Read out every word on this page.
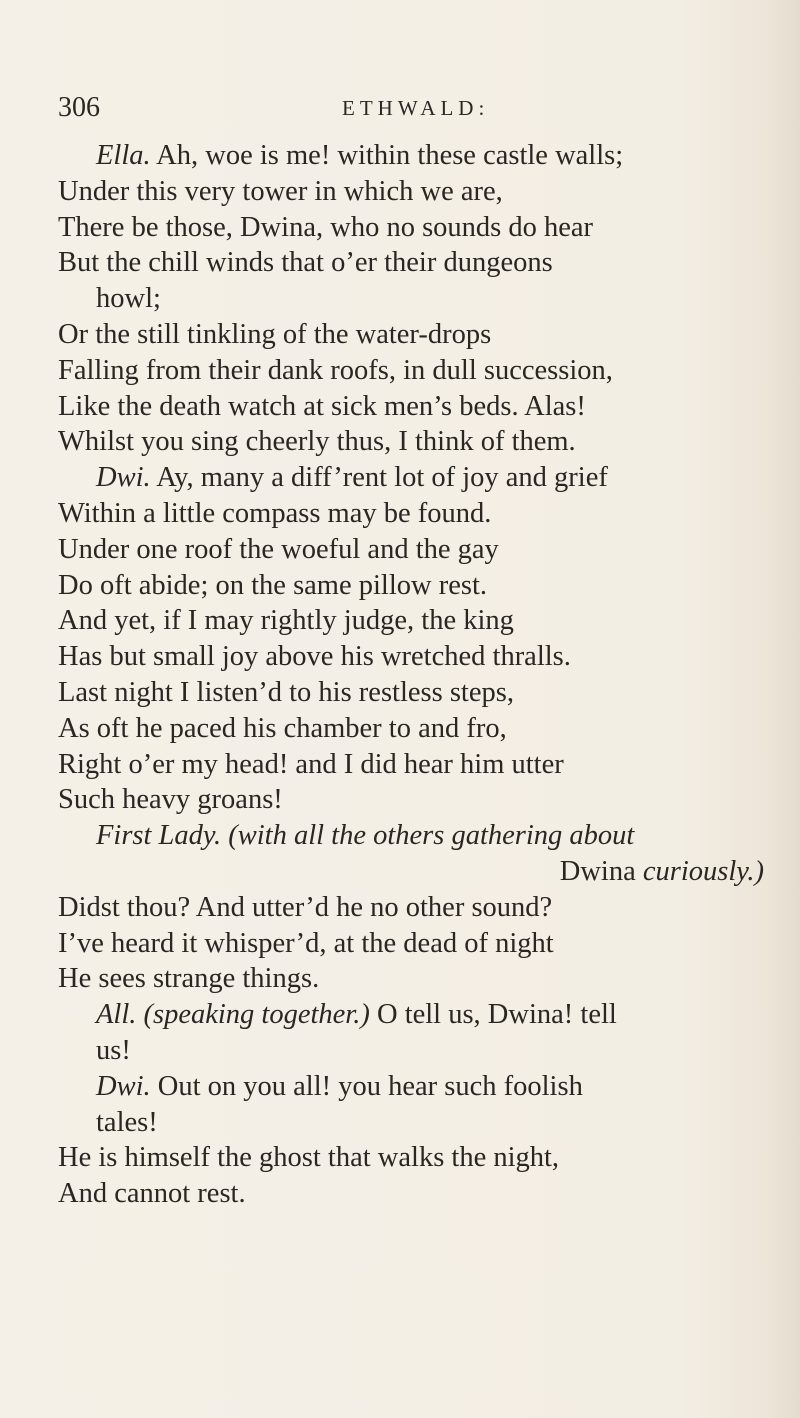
306	ETHWALD:
Ella. Ah, woe is me! within these castle walls;
Under this very tower in which we are,
There be those, Dwina, who no sounds do hear
But the chill winds that o’er their dungeons
howl;
Or the still tinkling of the water-drops
Falling from their dank roofs, in dull succession,
Like the death watch at sick men’s beds. Alas!
Whilst you sing cheerly thus, I think of them.
Dwi. Ay, many a diff’rent lot of joy and grief
Within a little compass may be found.
Under one roof the woeful and the gay
Do oft abide; on the same pillow rest.
And yet, if I may rightly judge, the king
Has but small joy above his wretched thralls.
Last night I listen’d to his restless steps,
As oft he paced his chamber to and fro,
Right o’er my head! and I did hear him utter
Such heavy groans!
First Lady. (with all the others gathering about
Dwina curiously.)
Didst thou? And utter’d he no other sound?
I’ve heard it whisper’d, at the dead of night
He sees strange things.
All. (speaking together.) O tell us, Dwina! tell
us!
Dwi. Out on you all! you hear such foolish
tales!
He is himself the ghost that walks the night,
And cannot rest.
